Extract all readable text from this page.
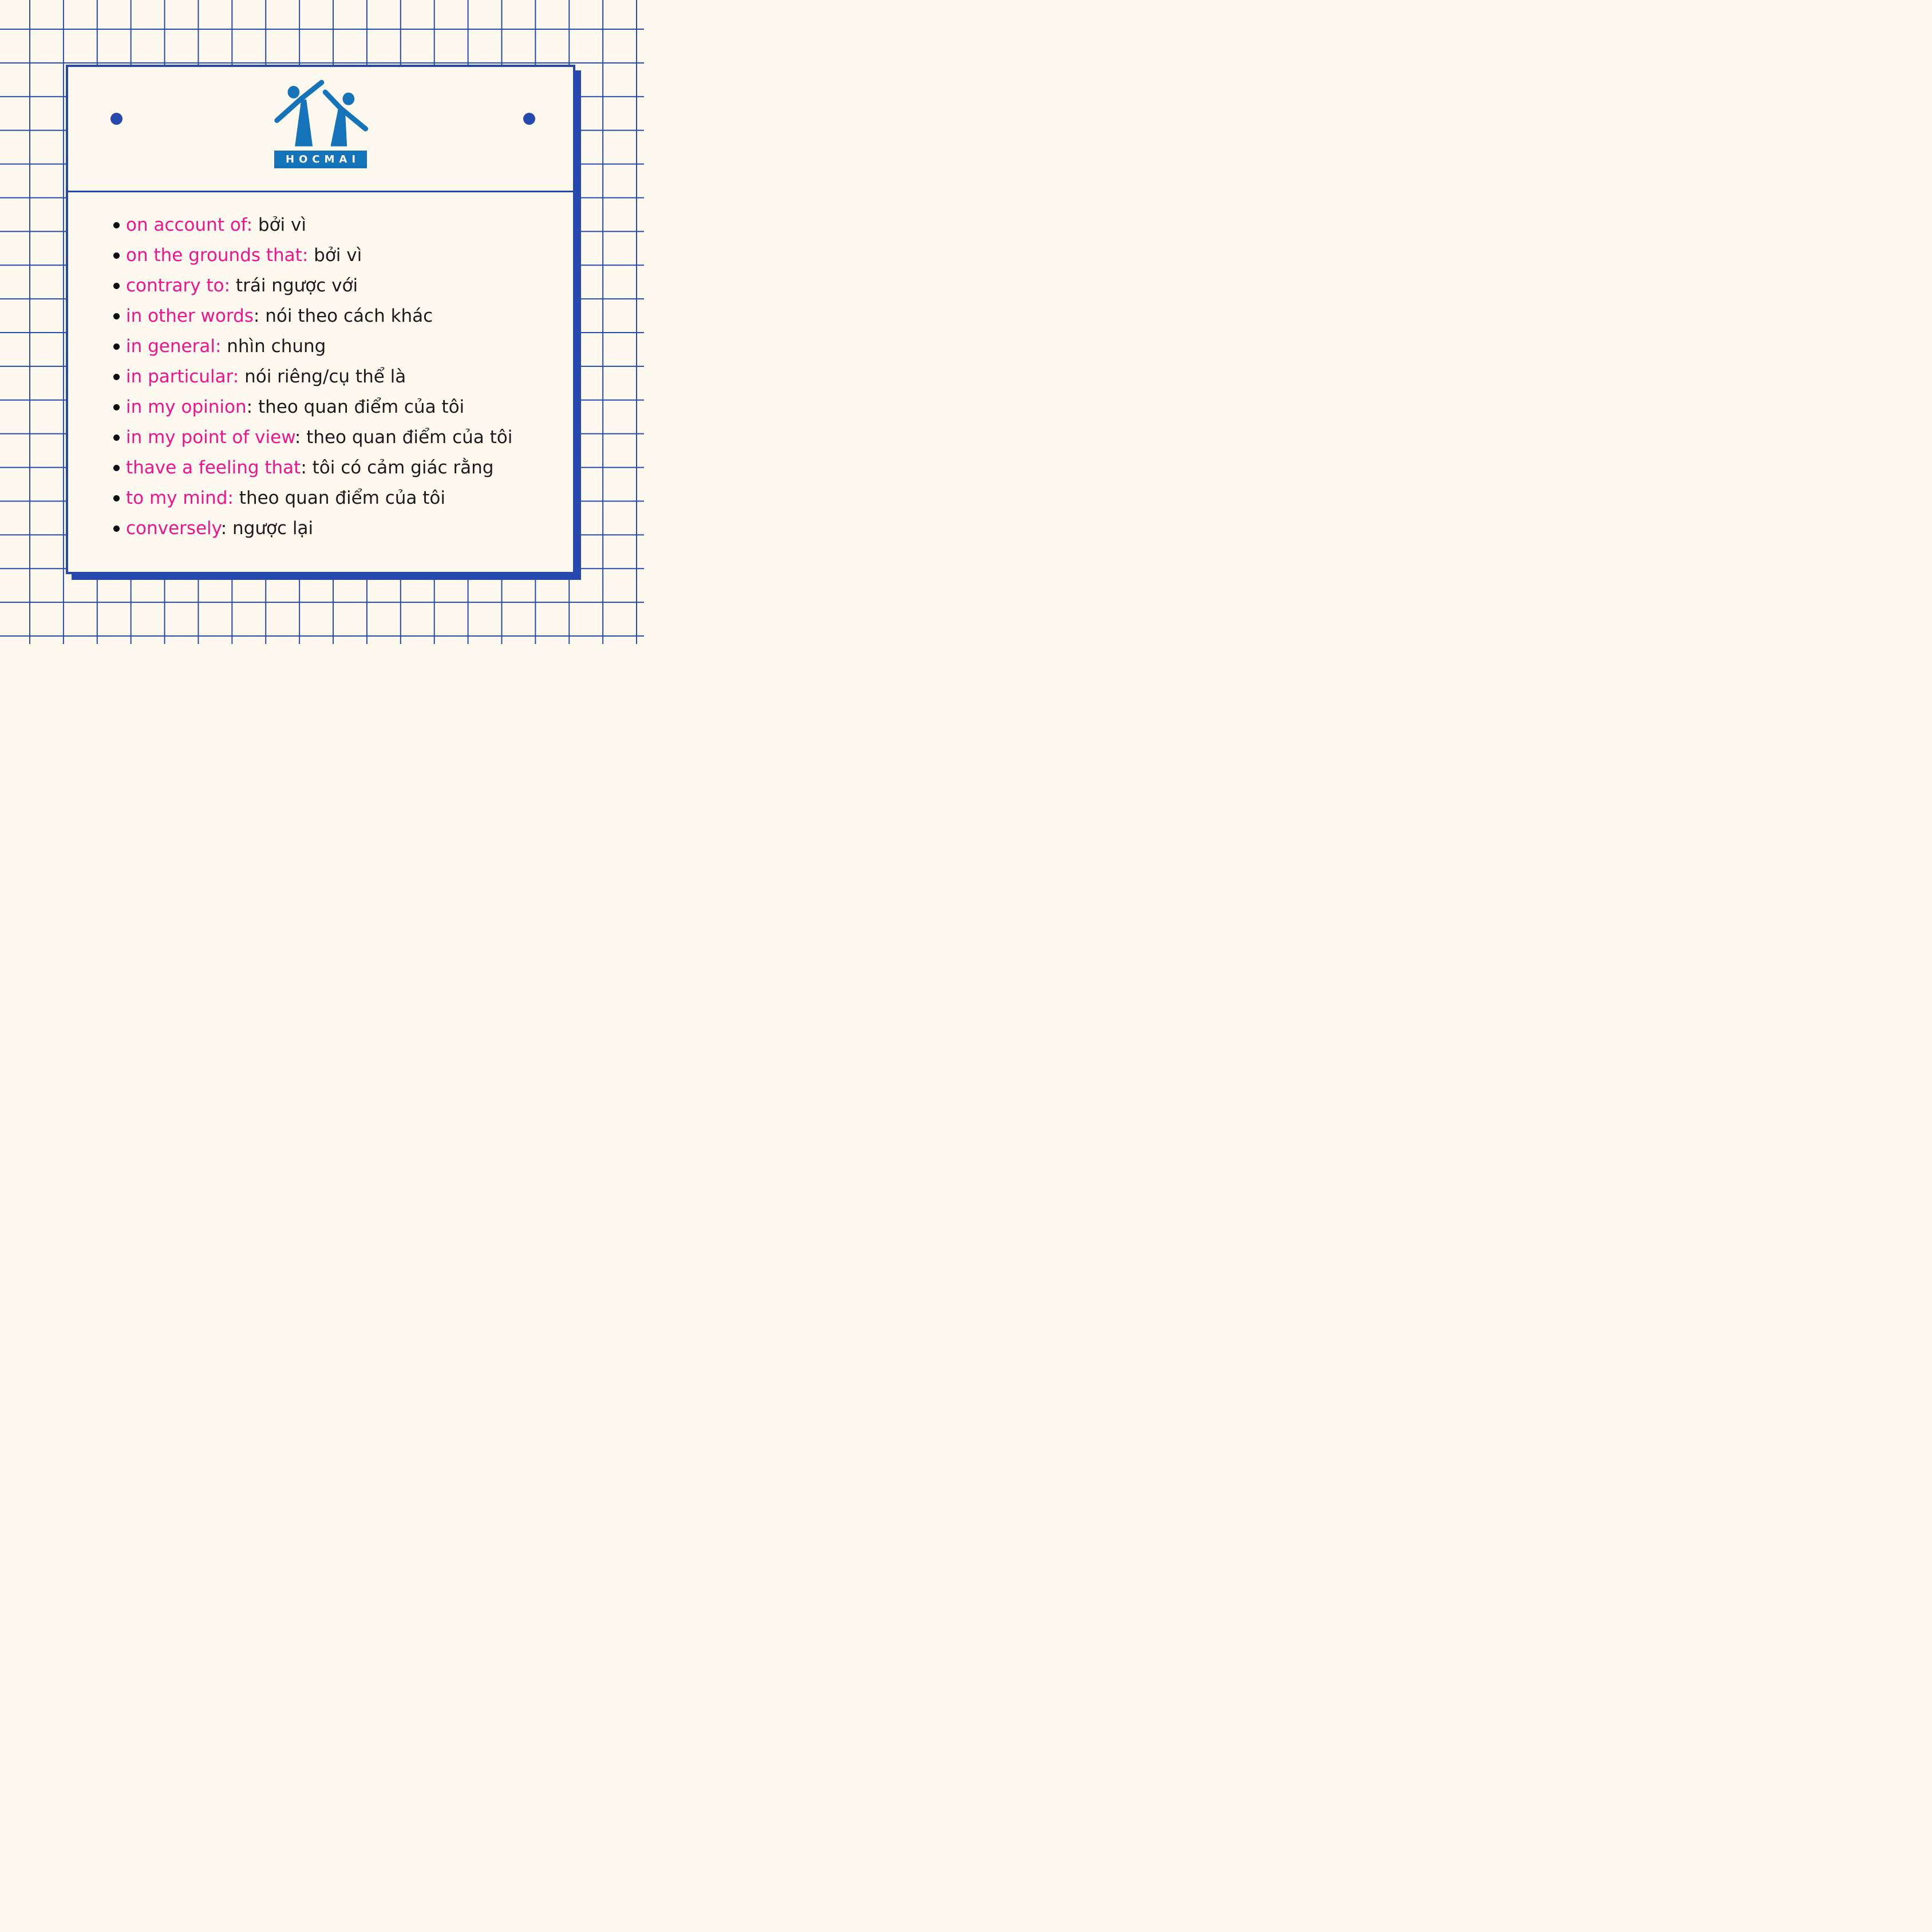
HOCMAI
on account of: bởi vì
on the grounds that: bởi vì
contrary to: trái ngược với
in other words: nói theo cách khác
in general: nhìn chung
in particular: nói riêng/cụ thể là
in my opinion: theo quan điểm của tôi
in my point of view: theo quan điểm của tôi
thave a feeling that: tôi có cảm giác rằng
to my mind: theo quan điểm của tôi
conversely: ngược lại
